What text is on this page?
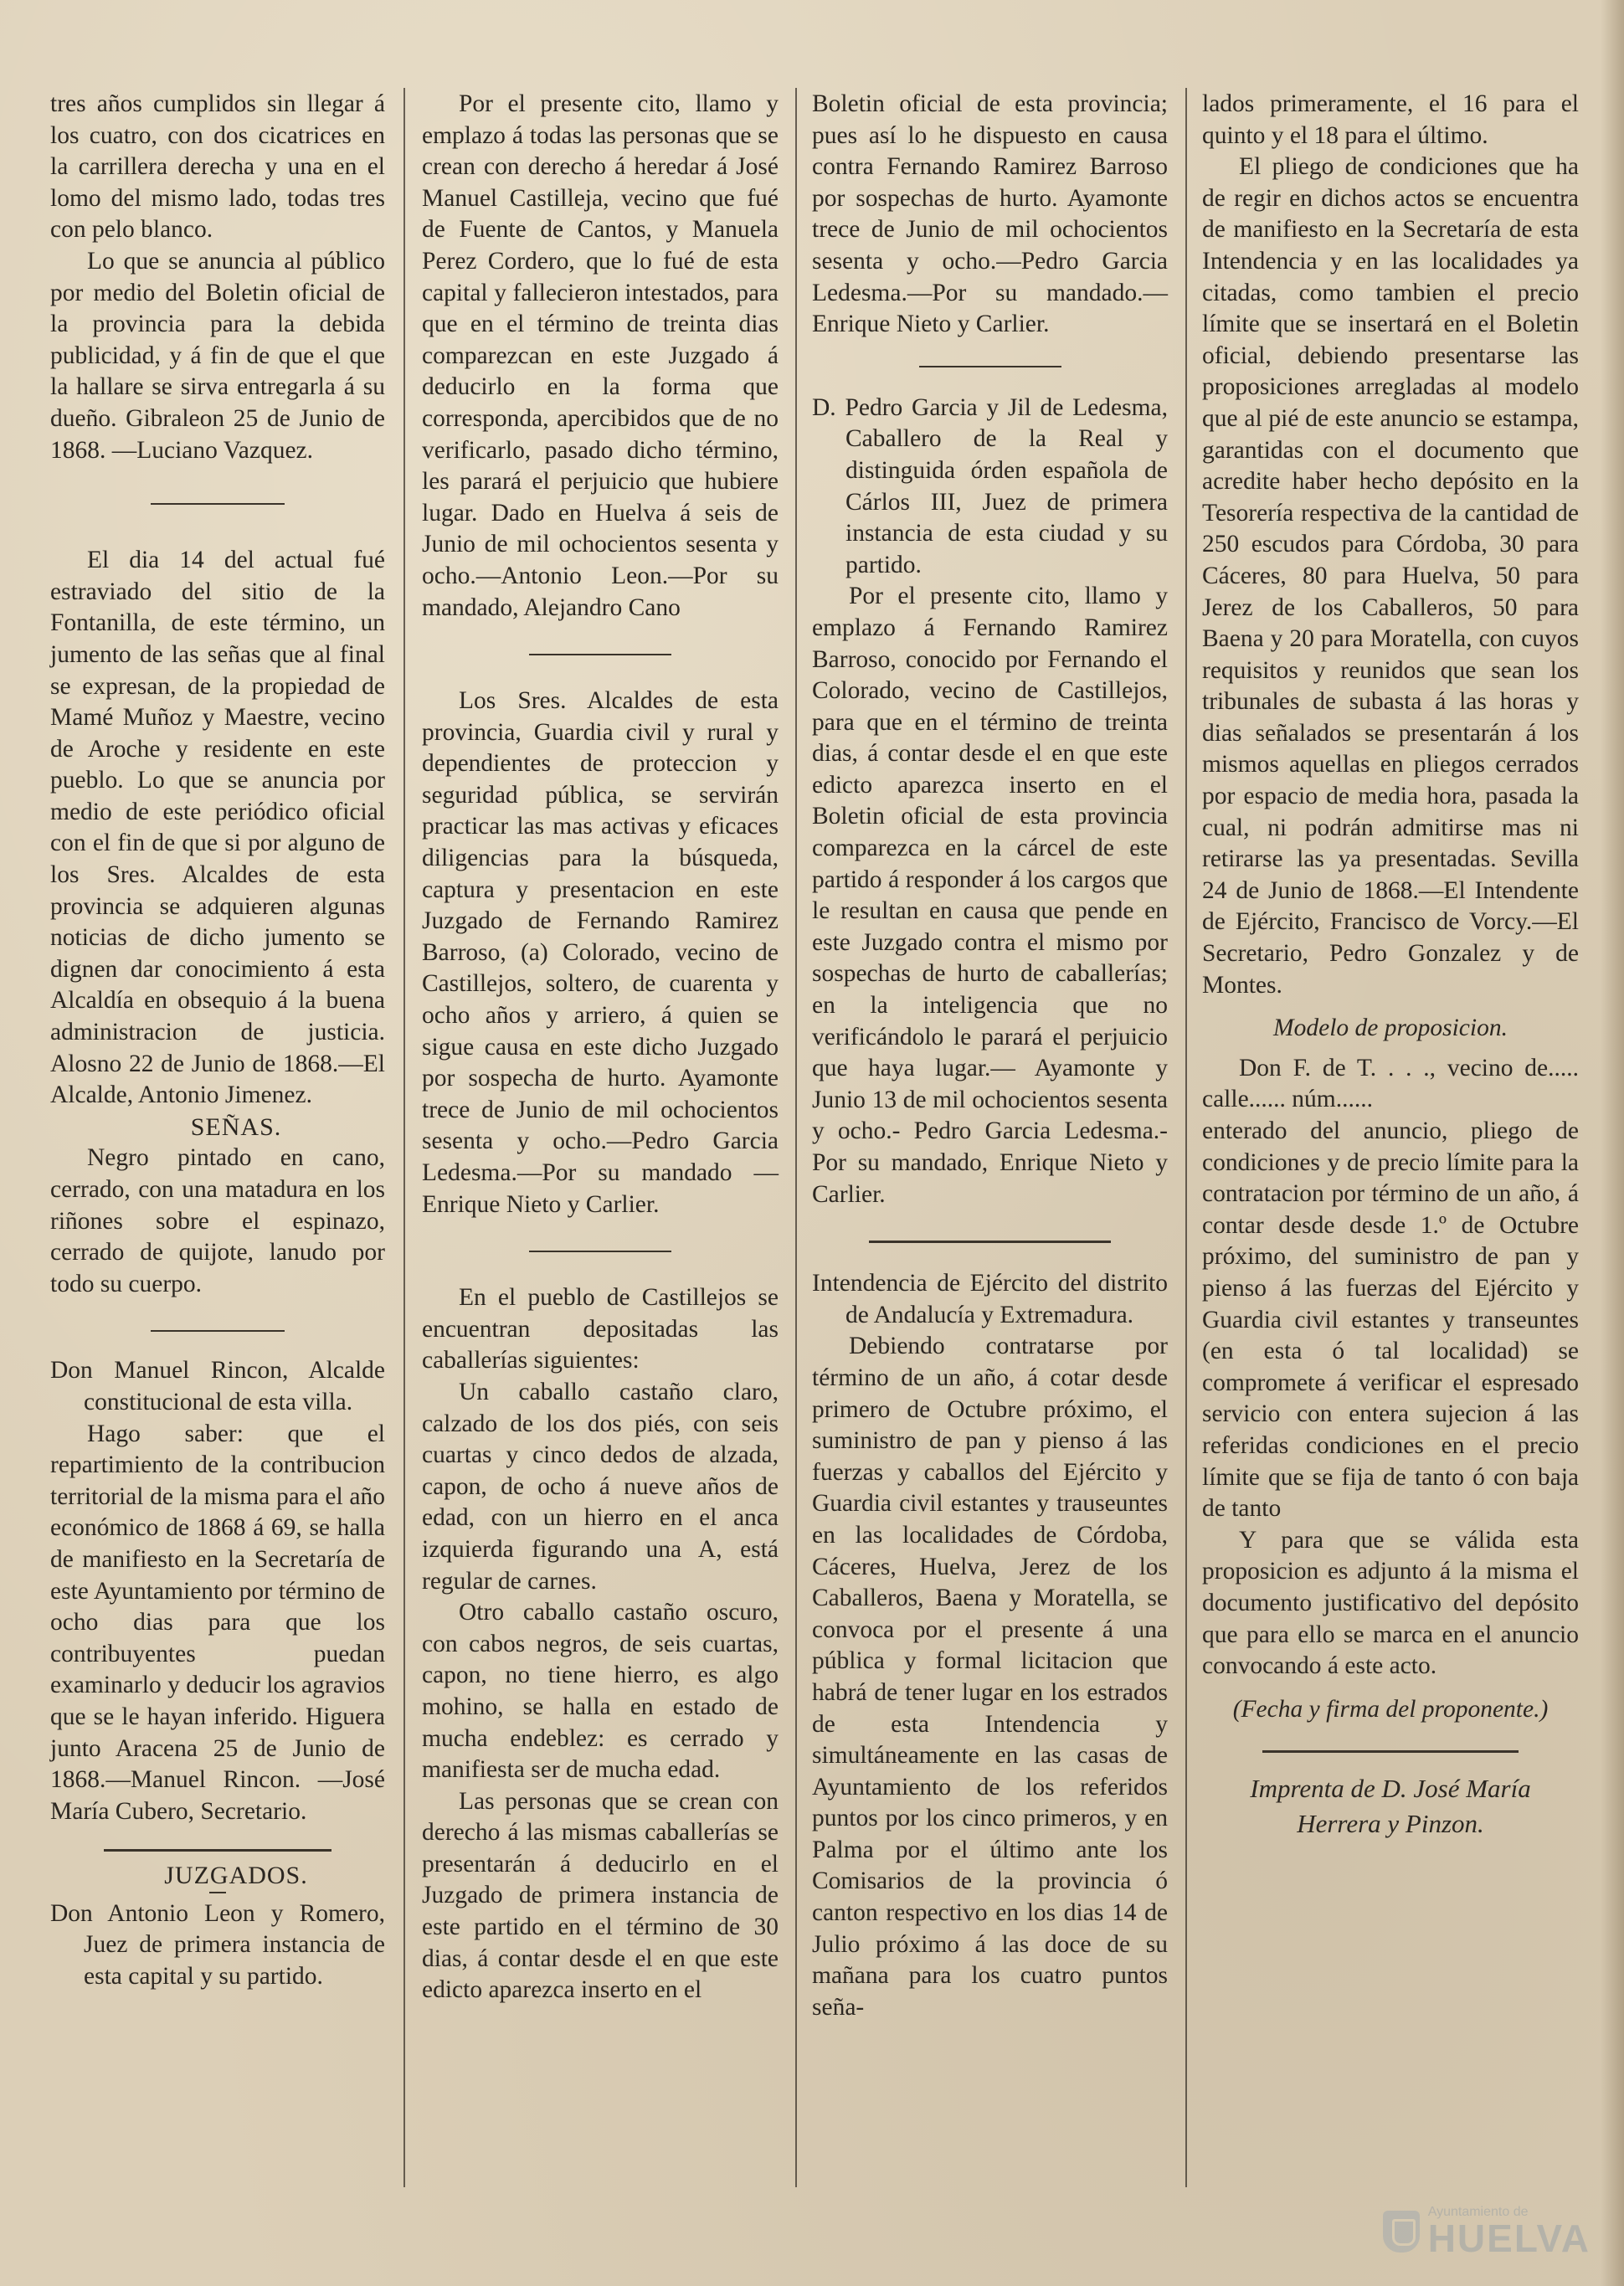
tres años cumplidos sin llegar á los cuatro, con dos cicatrices en la carrillera derecha y una en el lomo del mismo lado, todas tres con pelo blanco.

Lo que se anuncia al público por medio del Boletin oficial de la provincia para la debida publicidad, y á fin de que el que la hallare se sirva entregarla á su dueño. Gibraleon 25 de Junio de 1868. —Luciano Vazquez.

El dia 14 del actual fué estraviado del sitio de la Fontanilla, de este término, un jumento de las señas que al final se expresan, de la propiedad de Mamé Muñoz y Maestre, vecino de Aroche y residente en este pueblo. Lo que se anuncia por medio de este periódico oficial con el fin de que si por alguno de los Sres. Alcaldes de esta provincia se adquieren algunas noticias de dicho jumento se dignen dar conocimiento á esta Alcaldía en obsequio á la buena administracion de justicia. Alosno 22 de Junio de 1868.—El Alcalde, Antonio Jimenez.

SEÑAS.

Negro pintado en cano, cerrado, con una matadura en los riñones sobre el espinazo, cerrado de quijote, lanudo por todo su cuerpo.

Don Manuel Rincon, Alcalde constitucional de esta villa.

Hago saber: que el repartimiento de la contribucion territorial de la misma para el año económico de 1868 á 69, se halla de manifiesto en la Secretaría de este Ayuntamiento por término de ocho dias para que los contribuyentes puedan examinarlo y deducir los agravios que se le hayan inferido. Higuera junto Aracena 25 de Junio de 1868.—Manuel Rincon. —José María Cubero, Secretario.

JUZGADOS.

Don Antonio Leon y Romero, Juez de primera instancia de esta capital y su partido.

Por el presente cito, llamo y emplazo á todas las personas que se crean con derecho á heredar á José Manuel Castilleja, vecino que fué de Fuente de Cantos, y Manuela Perez Cordero, que lo fué de esta capital y fallecieron intestados, para que en el término de treinta dias comparezcan en este Juzgado á deducirlo en la forma que corresponda, apercibidos que de no verificarlo, pasado dicho término, les parará el perjuicio que hubiere lugar. Dado en Huelva á seis de Junio de mil ochocientos sesenta y ocho.—Antonio Leon.—Por su mandado, Alejandro Cano

Los Sres. Alcaldes de esta provincia, Guardia civil y rural y dependientes de proteccion y seguridad pública, se servirán practicar las mas activas y eficaces diligencias para la búsqueda, captura y presentacion en este Juzgado de Fernando Ramirez Barroso, (a) Colorado, vecino de Castillejos, soltero, de cuarenta y ocho años y arriero, á quien se sigue causa en este dicho Juzgado por sospecha de hurto. Ayamonte trece de Junio de mil ochocientos sesenta y ocho.—Pedro Garcia Ledesma.—Por su mandado —Enrique Nieto y Carlier.

En el pueblo de Castillejos se encuentran depositadas las caballerías siguientes:

Un caballo castaño claro, calzado de los dos piés, con seis cuartas y cinco dedos de alzada, capon, de ocho á nueve años de edad, con un hierro en el anca izquierda figurando una A, está regular de carnes.

Otro caballo castaño oscuro, con cabos negros, de seis cuartas, capon, no tiene hierro, es algo mohino, se halla en estado de mucha endeblez: es cerrado y manifiesta ser de mucha edad.

Las personas que se crean con derecho á las mismas caballerías se presentarán á deducirlo en el Juzgado de primera instancia de este partido en el término de 30 dias, á contar desde el en que este edicto aparezca inserto en el

Boletin oficial de esta provincia; pues así lo he dispuesto en causa contra Fernando Ramirez Barroso por sospechas de hurto. Ayamonte trece de Junio de mil ochocientos sesenta y ocho.—Pedro Garcia Ledesma.—Por su mandado.—Enrique Nieto y Carlier.

D. Pedro Garcia y Jil de Ledesma, Caballero de la Real y distinguida órden española de Cárlos III, Juez de primera instancia de esta ciudad y su partido.

Por el presente cito, llamo y emplazo á Fernando Ramirez Barroso, conocido por Fernando el Colorado, vecino de Castillejos, para que en el término de treinta dias, á contar desde el en que este edicto aparezca inserto en el Boletin oficial de esta provincia comparezca en la cárcel de este partido á responder á los cargos que le resultan en causa que pende en este Juzgado contra el mismo por sospechas de hurto de caballerías; en la inteligencia que no verificándolo le parará el perjuicio que haya lugar.— Ayamonte y Junio 13 de mil ochocientos sesenta y ocho.- Pedro Garcia Ledesma.-Por su mandado, Enrique Nieto y Carlier.

Intendencia de Ejército del distrito de Andalucía y Extremadura.

Debiendo contratarse por término de un año, á cotar desde primero de Octubre próximo, el suministro de pan y pienso á las fuerzas y caballos del Ejército y Guardia civil estantes y trauseuntes en las localidades de Córdoba, Cáceres, Huelva, Jerez de los Caballeros, Baena y Moratella, se convoca por el presente á una pública y formal licitacion que habrá de tener lugar en los estrados de esta Intendencia y simultáneamente en las casas de Ayuntamiento de los referidos puntos por los cinco primeros, y en Palma por el último ante los Comisarios de la provincia ó canton respectivo en los dias 14 de Julio próximo á las doce de su mañana para los cuatro puntos seña-

lados primeramente, el 16 para el quinto y el 18 para el último.

El pliego de condiciones que ha de regir en dichos actos se encuentra de manifiesto en la Secretaría de esta Intendencia y en las localidades ya citadas, como tambien el precio límite que se insertará en el Boletin oficial, debiendo presentarse las proposiciones arregladas al modelo que al pié de este anuncio se estampa, garantidas con el documento que acredite haber hecho depósito en la Tesorería respectiva de la cantidad de 250 escudos para Córdoba, 30 para Cáceres, 80 para Huelva, 50 para Jerez de los Caballeros, 50 para Baena y 20 para Moratella, con cuyos requisitos y reunidos que sean los tribunales de subasta á las horas y dias señalados se presentarán á los mismos aquellas en pliegos cerrados por espacio de media hora, pasada la cual, ni podrán admitirse mas ni retirarse las ya presentadas. Sevilla 24 de Junio de 1868.—El Intendente de Ejército, Francisco de Vorcy.—El Secretario, Pedro Gonzalez y de Montes.

Modelo de proposicion.

Don F. de T. . . ., vecino de..... calle...... núm......

enterado del anuncio, pliego de condiciones y de precio límite para la contratacion por término de un año, á contar desde desde 1.º de Octubre próximo, del suministro de pan y pienso á las fuerzas del Ejército y Guardia civil estantes y transeuntes (en esta ó tal localidad) se compromete á verificar el espresado servicio con entera sujecion á las referidas condiciones en el precio límite que se fija de tanto ó con baja de tanto

Y para que se válida esta proposicion es adjunto á la misma el documento justificativo del depósito que para ello se marca en el anuncio convocando á este acto.

(Fecha y firma del proponente.)

Imprenta de D. José María
Herrera y Pinzon.
Ayuntamiento de
HUELVA
